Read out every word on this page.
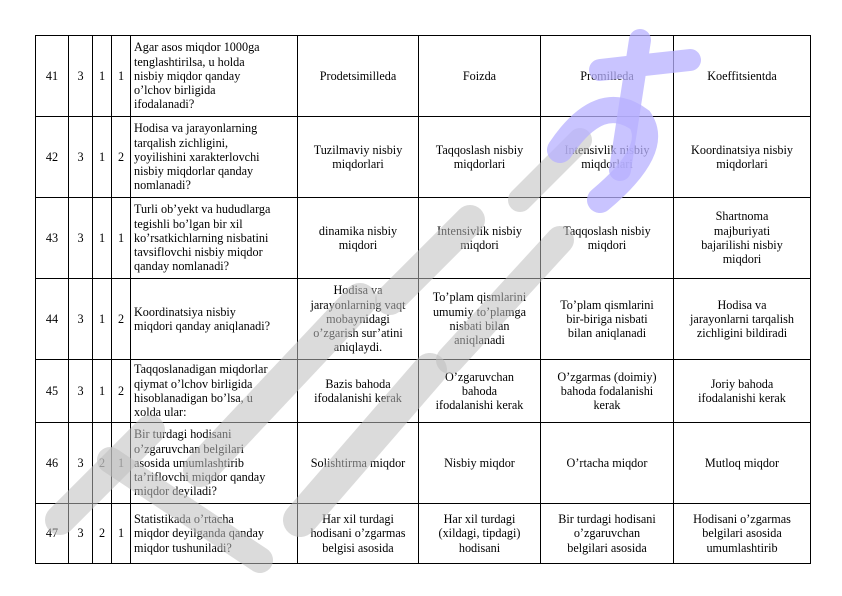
41	3	1	1	Agar asos miqdor 1000ga
tenglashtirilsa, u holda
nisbiy miqdor qanday
o’lchov birligida
ifodalanadi?	Prodetsimilleda	Foizda	Promilleda	Koeffitsientda
42	3	1	2	Hodisa va jarayonlarning
tarqalish zichligini,
yoyilishini xarakterlovchi
nisbiy miqdorlar qanday
nomlanadi?	Tuzilmaviy nisbiy
miqdorlari	Taqqoslash nisbiy
miqdorlari	Intensivlik nisbiy
miqdorlari	Koordinatsiya nisbiy
miqdorlari
43	3	1	1	Turli ob’yekt va hududlarga
tegishli bo’lgan bir xil
ko’rsatkichlarning nisbatini
tavsiflovchi nisbiy miqdor
qanday nomlanadi?	dinamika nisbiy
miqdori	Intensivlik nisbiy
miqdori	Taqqoslash nisbiy
miqdori	Shartnoma
majburiyati
bajarilishi nisbiy
miqdori
44	3	1	2	Koordinatsiya nisbiy
miqdori qanday aniqlanadi?	Hodisa va
jarayonlarning vaqt
mobaynidagi
o’zgarish sur’atini
aniqlaydi.	To’plam qismlarini
umumiy to’plamga
nisbati bilan
aniqlanadi	To’plam qismlarini
bir-biriga nisbati
bilan aniqlanadi	Hodisa va
jarayonlarni tarqalish
zichligini bildiradi
45	3	1	2	Taqqoslanadigan miqdorlar
qiymat o’lchov birligida
hisoblanadigan bo’lsa, u
xolda ular:	Bazis bahoda
ifodalanishi kerak	O’zgaruvchan
bahoda
ifodalanishi kerak	O’zgarmas (doimiy)
bahoda fodalanishi
kerak	Joriy bahoda
ifodalanishi kerak
46	3	2	1	Bir turdagi hodisani
o’zgaruvchan belgilari
asosida umumlashtirib
ta’riflovchi miqdor qanday
miqdor deyiladi?	Solishtirma miqdor	Nisbiy miqdor	O’rtacha miqdor	Mutloq miqdor
47	3	2	1	Statistikada o’rtacha
miqdor deyilganda qanday
miqdor tushuniladi?	Har xil turdagi
hodisani o’zgarmas
belgisi asosida	Har xil turdagi
(xildagi, tipdagi)
hodisani	Bir turdagi hodisani
o’zgaruvchan
belgilari asosida	Hodisani o’zgarmas
belgilari asosida
umumlashtirib
